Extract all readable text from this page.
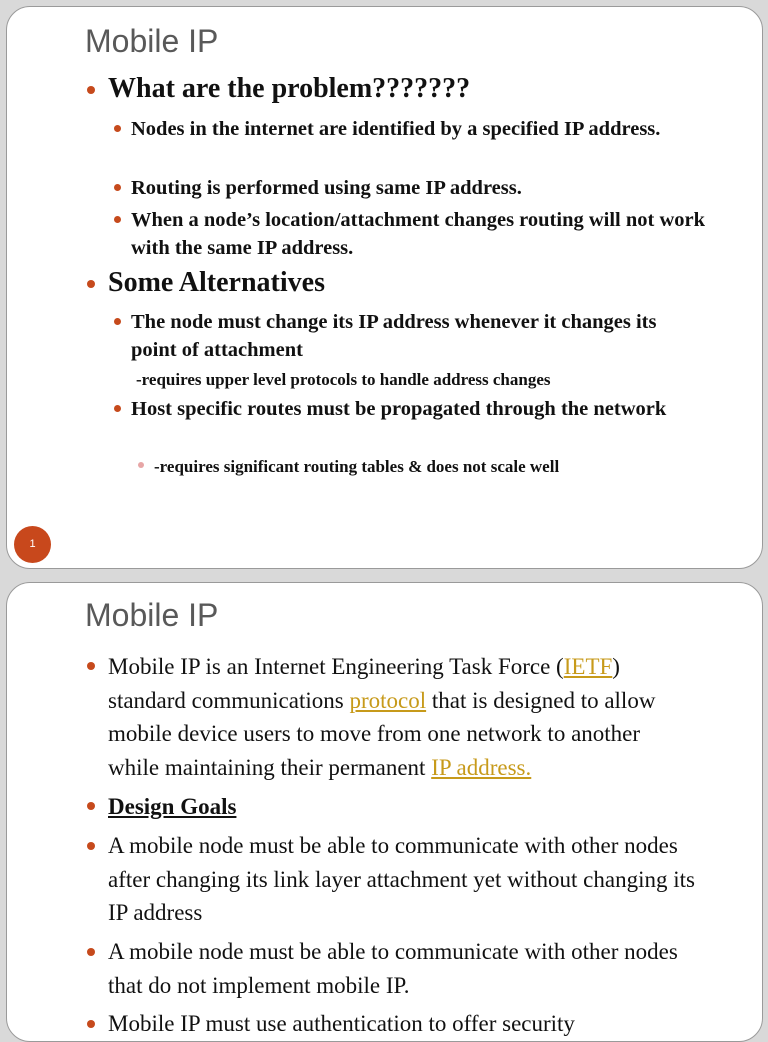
Mobile IP
What are the problem???????
Nodes in the internet are identified by a specified IP address.
Routing is performed using same IP address.
When a node’s location/attachment changes routing will not work with the same IP address.
Some Alternatives
The node must change its IP address whenever it changes its point of attachment
-requires upper level protocols to handle address changes
Host specific routes must be propagated through the network
-requires significant routing tables & does not scale well
1
Mobile IP
Mobile IP is an Internet Engineering Task Force (IETF)
standard communications protocol that is designed to allow
mobile device users to move from one network to another
while maintaining their permanent IP address.
Design Goals
A mobile node must be able to communicate with other nodes after changing its link layer attachment yet without changing its IP address
A mobile node must be able to communicate with other nodes that do not implement mobile IP.
Mobile IP must use authentication to offer security
